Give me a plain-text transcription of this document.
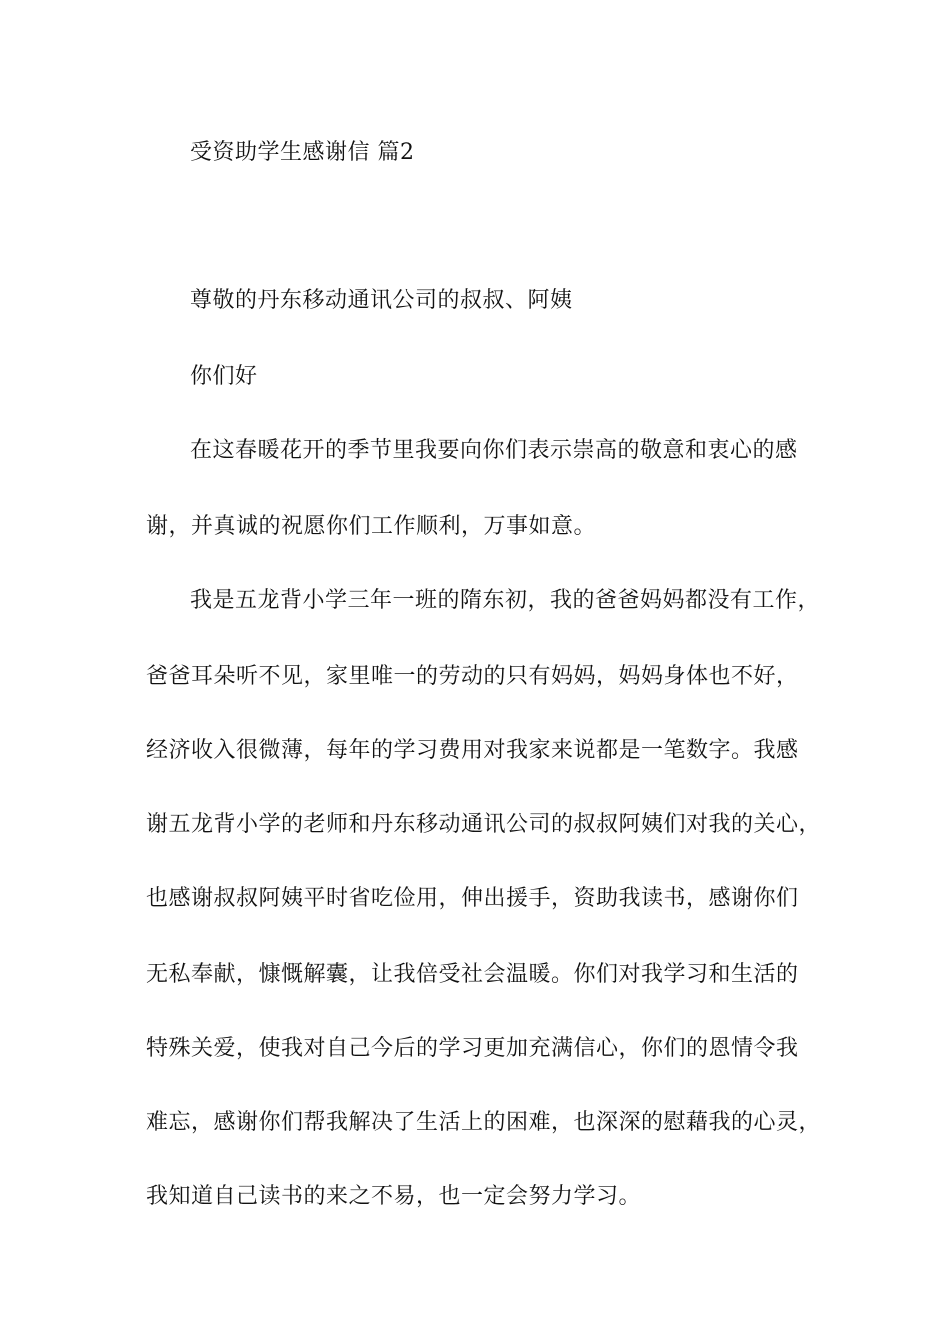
受资助学生感谢信 篇2
尊敬的丹东移动通讯公司的叔叔、阿姨
你们好
在这春暖花开的季节里我要向你们表示崇高的敬意和衷心的感
谢，并真诚的祝愿你们工作顺利，万事如意。
我是五龙背小学三年一班的隋东初，我的爸爸妈妈都没有工作，
爸爸耳朵听不见，家里唯一的劳动的只有妈妈，妈妈身体也不好，
经济收入很微薄，每年的学习费用对我家来说都是一笔数字。我感
谢五龙背小学的老师和丹东移动通讯公司的叔叔阿姨们对我的关心，
也感谢叔叔阿姨平时省吃俭用，伸出援手，资助我读书，感谢你们
无私奉献，慷慨解囊，让我倍受社会温暖。你们对我学习和生活的
特殊关爱，使我对自己今后的学习更加充满信心，你们的恩情令我
难忘，感谢你们帮我解决了生活上的困难，也深深的慰藉我的心灵，
我知道自己读书的来之不易，也一定会努力学习。
